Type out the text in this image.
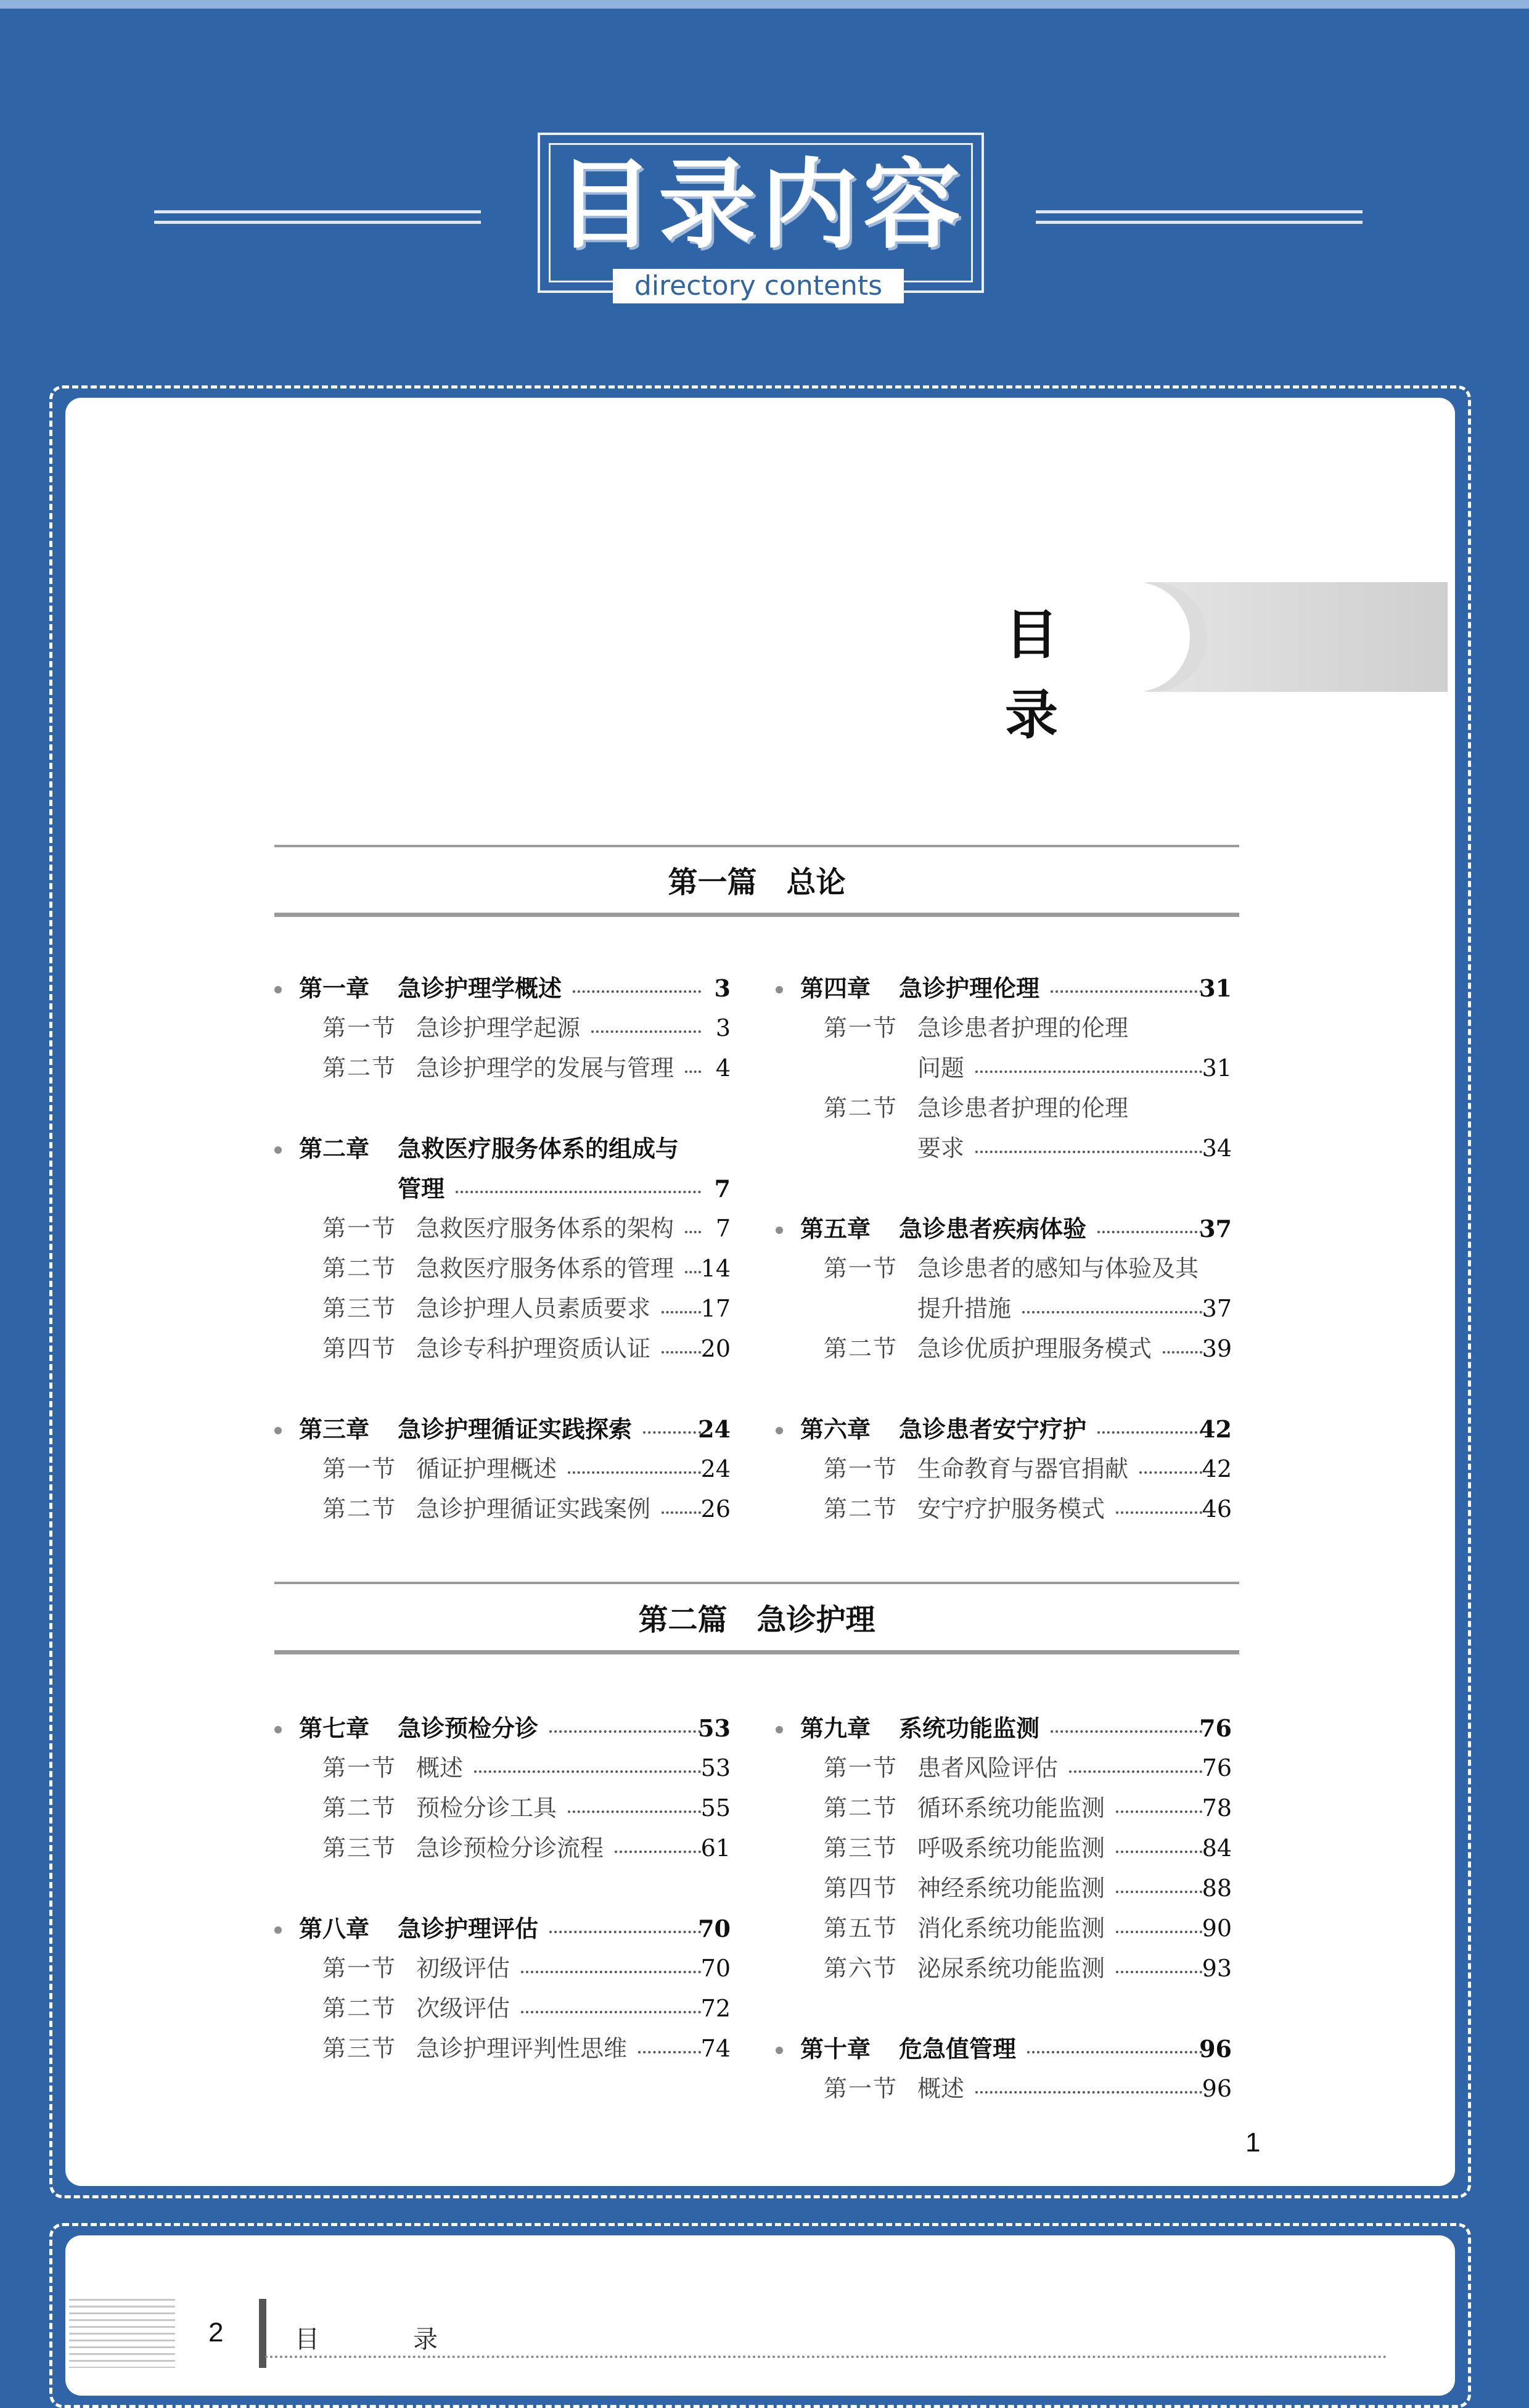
目录内容
directory contents
目　录
第一篇　总论
第一章 急诊护理学概述	3
第一节 急诊护理学起源	3
第二节 急诊护理学的发展与管理 4
第二章 急救医疗服务体系的组成与
管理	7
第一节 急救医疗服务体系的架构 7
第二节 急救医疗服务体系的管理 14
第三节 急诊护理人员素质要求 17
第四节 急诊专科护理资质认证 20
第三章 急诊护理循证实践探索	24
第一节 循证护理概述	24
第二节 急诊护理循证实践案例 26
第四章 急诊护理伦理	31
第一节 急诊患者护理的伦理
问题	31
第二节 急诊患者护理的伦理
要求	34
第五章 急诊患者疾病体验	37
第一节 急诊患者的感知与体验及其
提升措施	37
第二节 急诊优质护理服务模式 39
第六章 急诊患者安宁疗护	42
第一节 生命教育与器官捐献	42
第二节 安宁疗护服务模式	46
第二篇　急诊护理
第七章 急诊预检分诊	53
第一节 概述	53
第二节 预检分诊工具	55
第三节 急诊预检分诊流程	61
第八章 急诊护理评估	70
第一节 初级评估	70
第二节 次级评估	72
第三节 急诊护理评判性思维	74
第九章 系统功能监测	76
第一节 患者风险评估	76
第二节 循环系统功能监测	78
第三节 呼吸系统功能监测	84
第四节 神经系统功能监测	88
第五节 消化系统功能监测	90
第六节 泌尿系统功能监测	93
第十章 危急值管理	96
第一节 概述	96
1
2	目　录
